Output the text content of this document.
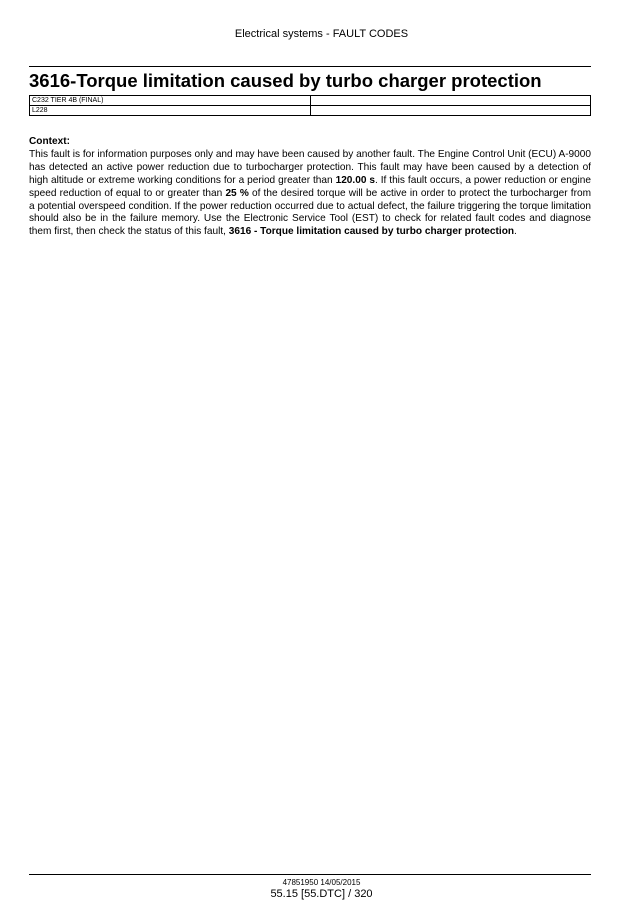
Electrical systems - FAULT CODES
3616-Torque limitation caused by turbo charger protection
C232 TIER 4B (FINAL)	
L228	
Context:
This fault is for information purposes only and may have been caused by another fault. The Engine Control Unit (ECU) A-9000 has detected an active power reduction due to turbocharger protection. This fault may have been caused by a detection of high altitude or extreme working conditions for a period greater than 120.00 s. If this fault occurs, a power reduction or engine speed reduction of equal to or greater than 25 % of the desired torque will be active in order to protect the turbocharger from a potential overspeed condition. If the power reduction occurred due to actual defect, the failure triggering the torque limitation should also be in the failure memory. Use the Electronic Service Tool (EST) to check for related fault codes and diagnose them first, then check the status of this fault, 3616 - Torque limitation caused by turbo charger protection.
47851950 14/05/2015
55.15 [55.DTC] / 320
